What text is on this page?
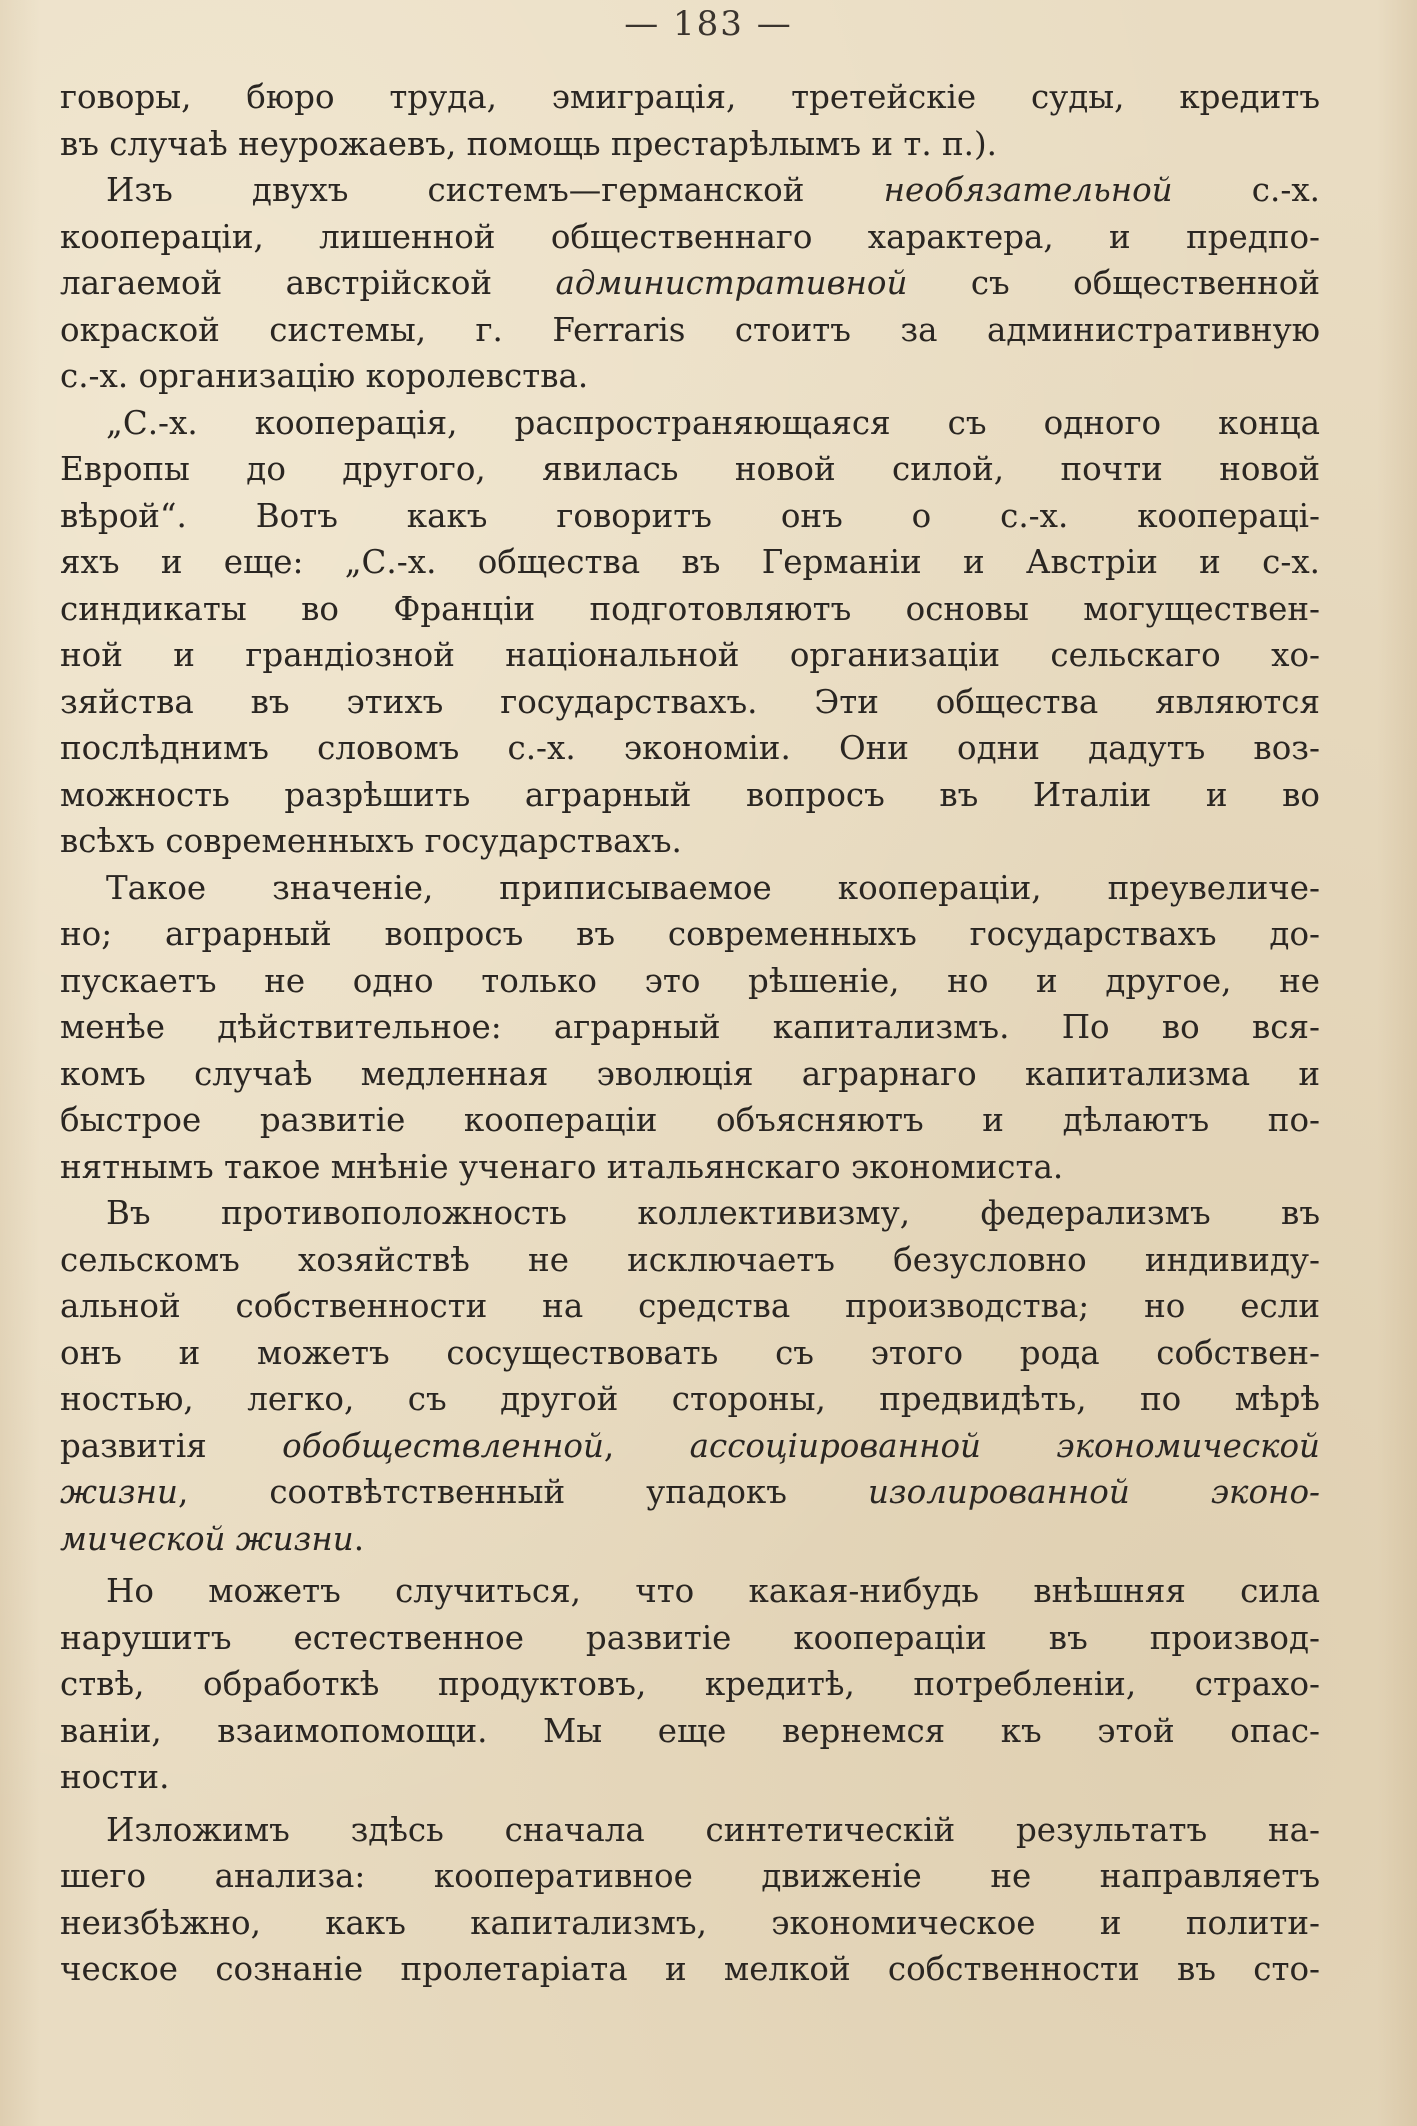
— 183 —
говоры, бюро труда, эмиграція, третейскіе суды, кредитъ
въ случаѣ неурожаевъ, помощь престарѣлымъ и т. п.).
Изъ двухъ системъ—германской необязательной с.-х.
кооперацiи, лишенной общественнаго характера, и предпо-
лагаемой австрійской административной съ общественной
окраской системы, г. Ferraris стоитъ за административную
с.-х. организацію королевства.
„С.-х. кооперація, распространяющаяся съ одного конца
Европы до другого, явилась новой силой, почти новой
вѣрой“. Вотъ какъ говоритъ онъ о с.-х. коопераці-
яхъ и еще: „С.-х. общества въ Германіи и Австріи и с-х.
синдикаты во Франціи подготовляютъ основы могуществен-
ной и грандіозной національной организаціи сельскаго хо-
зяйства въ этихъ государствахъ. Эти общества являются
послѣднимъ словомъ с.-х. экономіи. Они одни дадутъ воз-
можность разрѣшить аграрный вопросъ въ Италіи и во
всѣхъ современныхъ государствахъ.
Такое значеніе, приписываемое коопераціи, преувеличе-
но; аграрный вопросъ въ современныхъ государствахъ до-
пускаетъ не одно только это рѣшеніе, но и другое, не
менѣе дѣйствительное: аграрный капитализмъ. По во вся-
комъ случаѣ медленная эволюція аграрнаго капитализма и
быстрое развитіе коопераціи объясняютъ и дѣлаютъ по-
нятнымъ такое мнѣніе ученаго итальянскаго экономиста.
Въ противоположность коллективизму, федерализмъ въ
сельскомъ хозяйствѣ не исключаетъ безусловно индивиду-
альной собственности на средства производства; но если
онъ и можетъ сосуществовать съ этого рода собствен-
ностью, легко, съ другой стороны, предвидѣть, по мѣрѣ
развитія обобществленной, ассоціированной экономической
жизни, соотвѣтственный упадокъ изолированной эконо-
мической жизни.
Но можетъ случиться, что какая-нибудь внѣшняя сила
нарушитъ естественное развитіе коопераціи въ производ-
ствѣ, обработкѣ продуктовъ, кредитѣ, потребленіи, страхо-
ваніи, взаимопомощи. Мы еще вернемся къ этой опас-
ности.
Изложимъ здѣсь сначала синтетическій результатъ на-
шего анализа: кооперативное движеніе не направляетъ
неизбѣжно, какъ капитализмъ, экономическое и полити-
ческое сознаніе пролетаріата и мелкой собственности въ сто-
